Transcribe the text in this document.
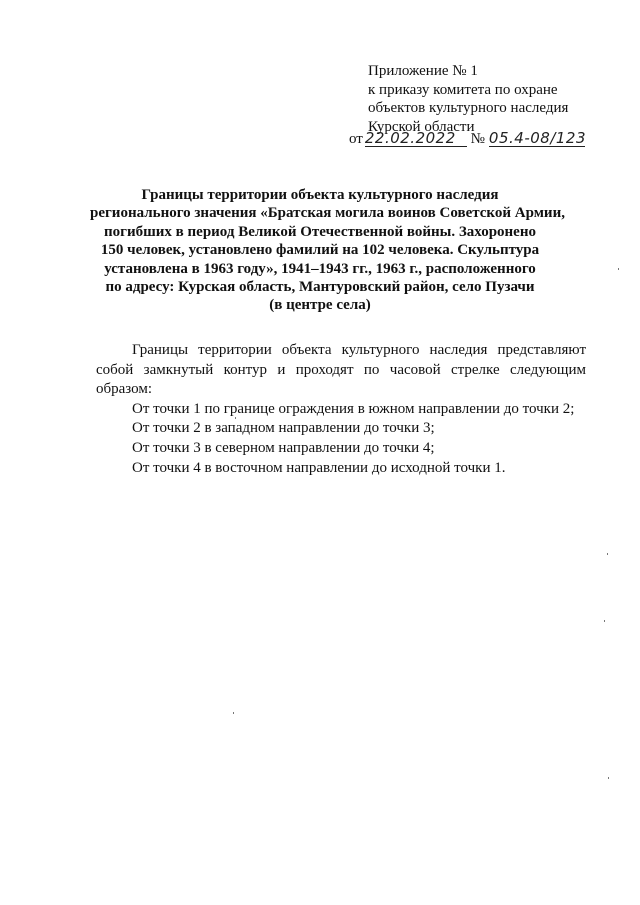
Приложение № 1
к приказу комитета по охране
объектов культурного наследия
Курской области
от 22.02.2022 № 05.4-08/123
Границы территории объекта культурного наследия
регионального значения «Братская могила воинов Советской Армии,
погибших в период Великой Отечественной войны. Захоронено
150 человек, установлено фамилий на 102 человека. Скульптура
установлена в 1963 году», 1941–1943 гг., 1963 г., расположенного
по адресу: Курская область, Мантуровский район, село Пузачи
(в центре села)

Границы территории объекта культурного наследия представляют собой замкнутый контур и проходят по часовой стрелке следующим образом:

От точки 1 по границе ограждения в южном направлении до точки 2;

От точки 2 в западном направлении до точки 3;

От точки 3 в северном направлении до точки 4;

От точки 4 в восточном направлении до исходной точки 1.
